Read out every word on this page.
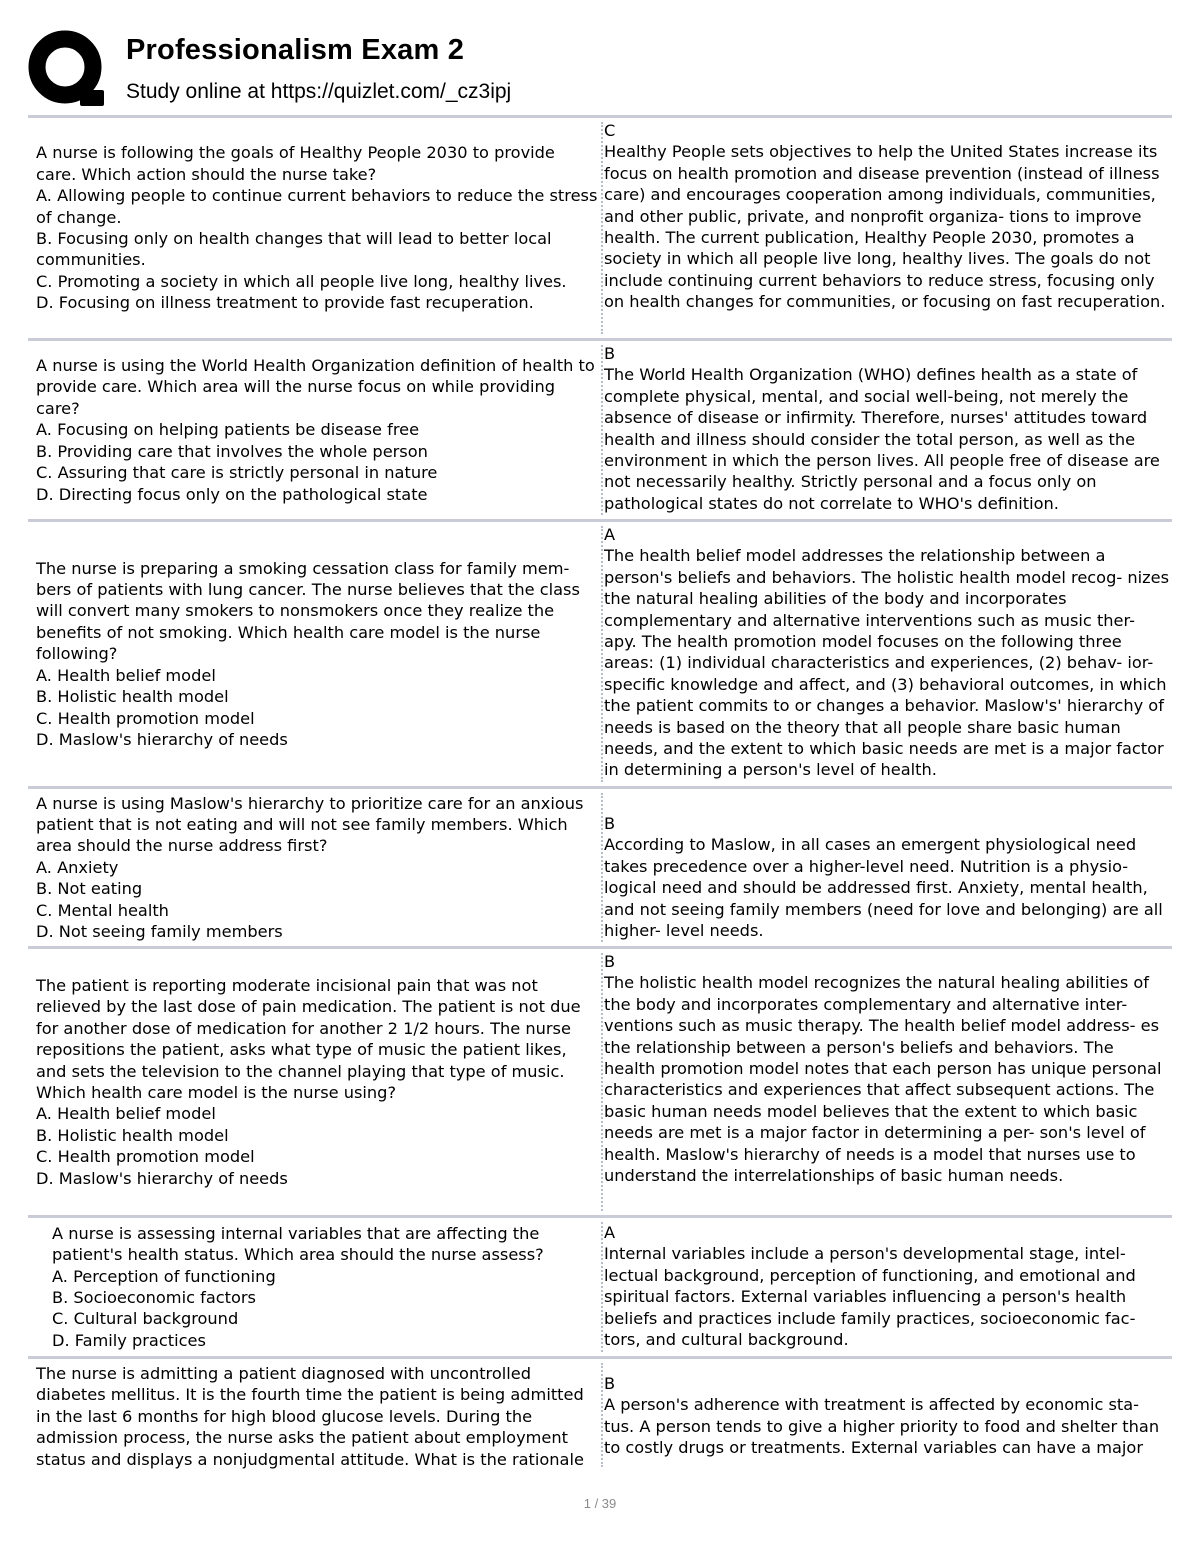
Professionalism Exam 2
Study online at https://quizlet.com/_cz3ipj
A nurse is following the goals of Healthy People 2030 to provide care. Which action should the nurse take?
A. Allowing people to continue current behaviors to reduce the stress of change.
B. Focusing only on health changes that will lead to better local communities.
C. Promoting a society in which all people live long, healthy lives.
D. Focusing on illness treatment to provide fast recuperation.
C
Healthy People sets objectives to help the United States increase its focus on health promotion and disease prevention (instead of illness care) and encourages cooperation among individuals, communities, and other public, private, and nonprofit organiza- tions to improve health. The current publication, Healthy People 2030, promotes a society in which all people live long, healthy lives. The goals do not include continuing current behaviors to reduce stress, focusing only on health changes for communities, or focusing on fast recuperation.
A nurse is using the World Health Organization definition of health to provide care. Which area will the nurse focus on while providing care?
A. Focusing on helping patients be disease free
B. Providing care that involves the whole person
C. Assuring that care is strictly personal in nature
D. Directing focus only on the pathological state
B
The World Health Organization (WHO) defines health as a state of complete physical, mental, and social well-being, not merely the absence of disease or infirmity. Therefore, nurses' attitudes toward health and illness should consider the total person, as well as the environment in which the person lives. All people free of disease are not necessarily healthy. Strictly personal and a focus only on pathological states do not correlate to WHO's definition.
The nurse is preparing a smoking cessation class for family mem- bers of patients with lung cancer. The nurse believes that the class will convert many smokers to nonsmokers once they realize the benefits of not smoking. Which health care model is the nurse following?
A. Health belief model
B. Holistic health model
C. Health promotion model
D. Maslow's hierarchy of needs
A
The health belief model addresses the relationship between a person's beliefs and behaviors. The holistic health model recog- nizes the natural healing abilities of the body and incorporates complementary and alternative interventions such as music ther- apy. The health promotion model focuses on the following three areas: (1) individual characteristics and experiences, (2) behav- ior-specific knowledge and affect, and (3) behavioral outcomes, in which the patient commits to or changes a behavior. Maslow's' hierarchy of needs is based on the theory that all people share basic human needs, and the extent to which basic needs are met is a major factor in determining a person's level of health.
A nurse is using Maslow's hierarchy to prioritize care for an anxious patient that is not eating and will not see family members. Which area should the nurse address first?
A. Anxiety
B. Not eating
C. Mental health
D. Not seeing family members
B
According to Maslow, in all cases an emergent physiological need takes precedence over a higher-level need. Nutrition is a physio- logical need and should be addressed first. Anxiety, mental health, and not seeing family members (need for love and belonging) are all higher- level needs.
The patient is reporting moderate incisional pain that was not relieved by the last dose of pain medication. The patient is not due for another dose of medication for another 2 1/2 hours. The nurse repositions the patient, asks what type of music the patient likes, and sets the television to the channel playing that type of music. Which health care model is the nurse using?
A. Health belief model
B. Holistic health model
C. Health promotion model
D. Maslow's hierarchy of needs
B
The holistic health model recognizes the natural healing abilities of the body and incorporates complementary and alternative inter- ventions such as music therapy. The health belief model address- es the relationship between a person's beliefs and behaviors. The health promotion model notes that each person has unique personal characteristics and experiences that affect subsequent actions. The basic human needs model believes that the extent to which basic needs are met is a major factor in determining a per- son's level of health. Maslow's hierarchy of needs is a model that nurses use to understand the interrelationships of basic human needs.
A nurse is assessing internal variables that are affecting the patient's health status. Which area should the nurse assess?
A. Perception of functioning
B. Socioeconomic factors
C. Cultural background
D. Family practices
A
Internal variables include a person's developmental stage, intel- lectual background, perception of functioning, and emotional and spiritual factors. External variables influencing a person's health beliefs and practices include family practices, socioeconomic fac- tors, and cultural background.
The nurse is admitting a patient diagnosed with uncontrolled diabetes mellitus. It is the fourth time the patient is being admitted in the last 6 months for high blood glucose levels. During the admission process, the nurse asks the patient about employment status and displays a nonjudgmental attitude. What is the rationale
B
A person's adherence with treatment is affected by economic sta- tus. A person tends to give a higher priority to food and shelter than to costly drugs or treatments. External variables can have a major
1 / 39
